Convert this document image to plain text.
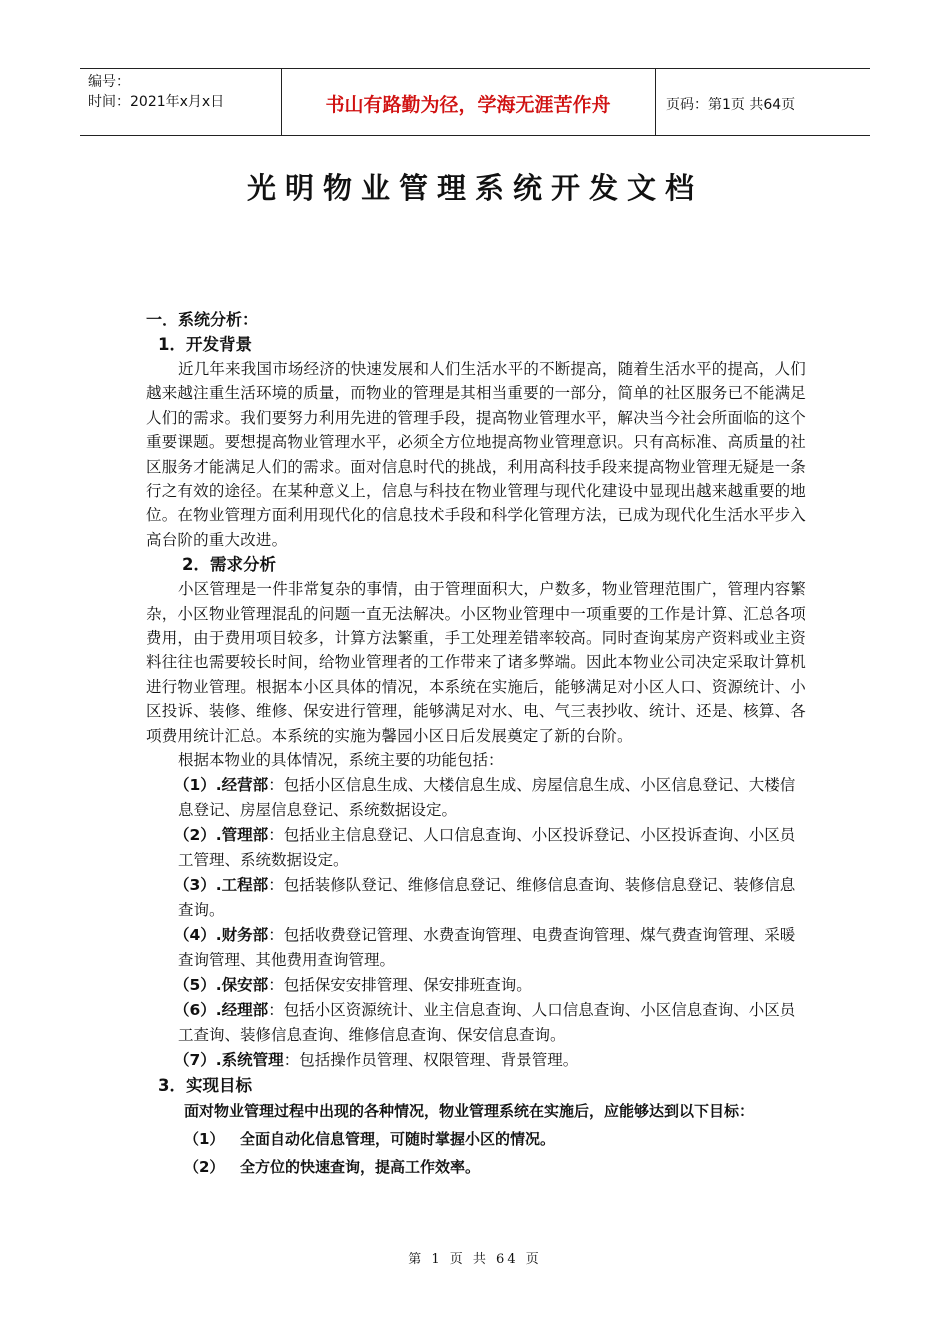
编号：
时间：2021年x月x日	书山有路勤为径，学海无涯苦作舟	页码：第1页 共64页
光明物业管理系统开发文档
一．系统分析：
1．开发背景
近几年来我国市场经济的快速发展和人们生活水平的不断提高，随着生活水平的提高，人们越来越注重生活环境的质量，而物业的管理是其相当重要的一部分，简单的社区服务已不能满足人们的需求。我们要努力利用先进的管理手段，提高物业管理水平，解决当今社会所面临的这个重要课题。要想提高物业管理水平，必须全方位地提高物业管理意识。只有高标准、高质量的社区服务才能满足人们的需求。面对信息时代的挑战，利用高科技手段来提高物业管理无疑是一条行之有效的途径。在某种意义上，信息与科技在物业管理与现代化建设中显现出越来越重要的地位。在物业管理方面利用现代化的信息技术手段和科学化管理方法，已成为现代化生活水平步入高台阶的重大改进。
2．需求分析
小区管理是一件非常复杂的事情，由于管理面积大，户数多，物业管理范围广，管理内容繁杂，小区物业管理混乱的问题一直无法解决。小区物业管理中一项重要的工作是计算、汇总各项费用，由于费用项目较多，计算方法繁重，手工处理差错率较高。同时查询某房产资料或业主资料往往也需要较长时间，给物业管理者的工作带来了诸多弊端。因此本物业公司决定采取计算机进行物业管理。根据本小区具体的情况，本系统在实施后，能够满足对小区人口、资源统计、小区投诉、装修、维修、保安进行管理，能够满足对水、电、气三表抄收、统计、还是、核算、各项费用统计汇总。本系统的实施为馨园小区日后发展奠定了新的台阶。
根据本物业的具体情况，系统主要的功能包括：
（1）.经营部：包括小区信息生成、大楼信息生成、房屋信息生成、小区信息登记、大楼信息登记、房屋信息登记、系统数据设定。
（2）.管理部：包括业主信息登记、人口信息查询、小区投诉登记、小区投诉查询、小区员工管理、系统数据设定。
（3）.工程部：包括装修队登记、维修信息登记、维修信息查询、装修信息登记、装修信息查询。
（4）.财务部：包括收费登记管理、水费查询管理、电费查询管理、煤气费查询管理、采暖查询管理、其他费用查询管理。
（5）.保安部：包括保安安排管理、保安排班查询。
（6）.经理部：包括小区资源统计、业主信息查询、人口信息查询、小区信息查询、小区员工查询、装修信息查询、维修信息查询、保安信息查询。
（7）.系统管理：包括操作员管理、权限管理、背景管理。
3．实现目标
面对物业管理过程中出现的各种情况，物业管理系统在实施后，应能够达到以下目标：
（1） 全面自动化信息管理，可随时掌握小区的情况。
（2） 全方位的快速查询，提高工作效率。
第 1 页 共 64 页
